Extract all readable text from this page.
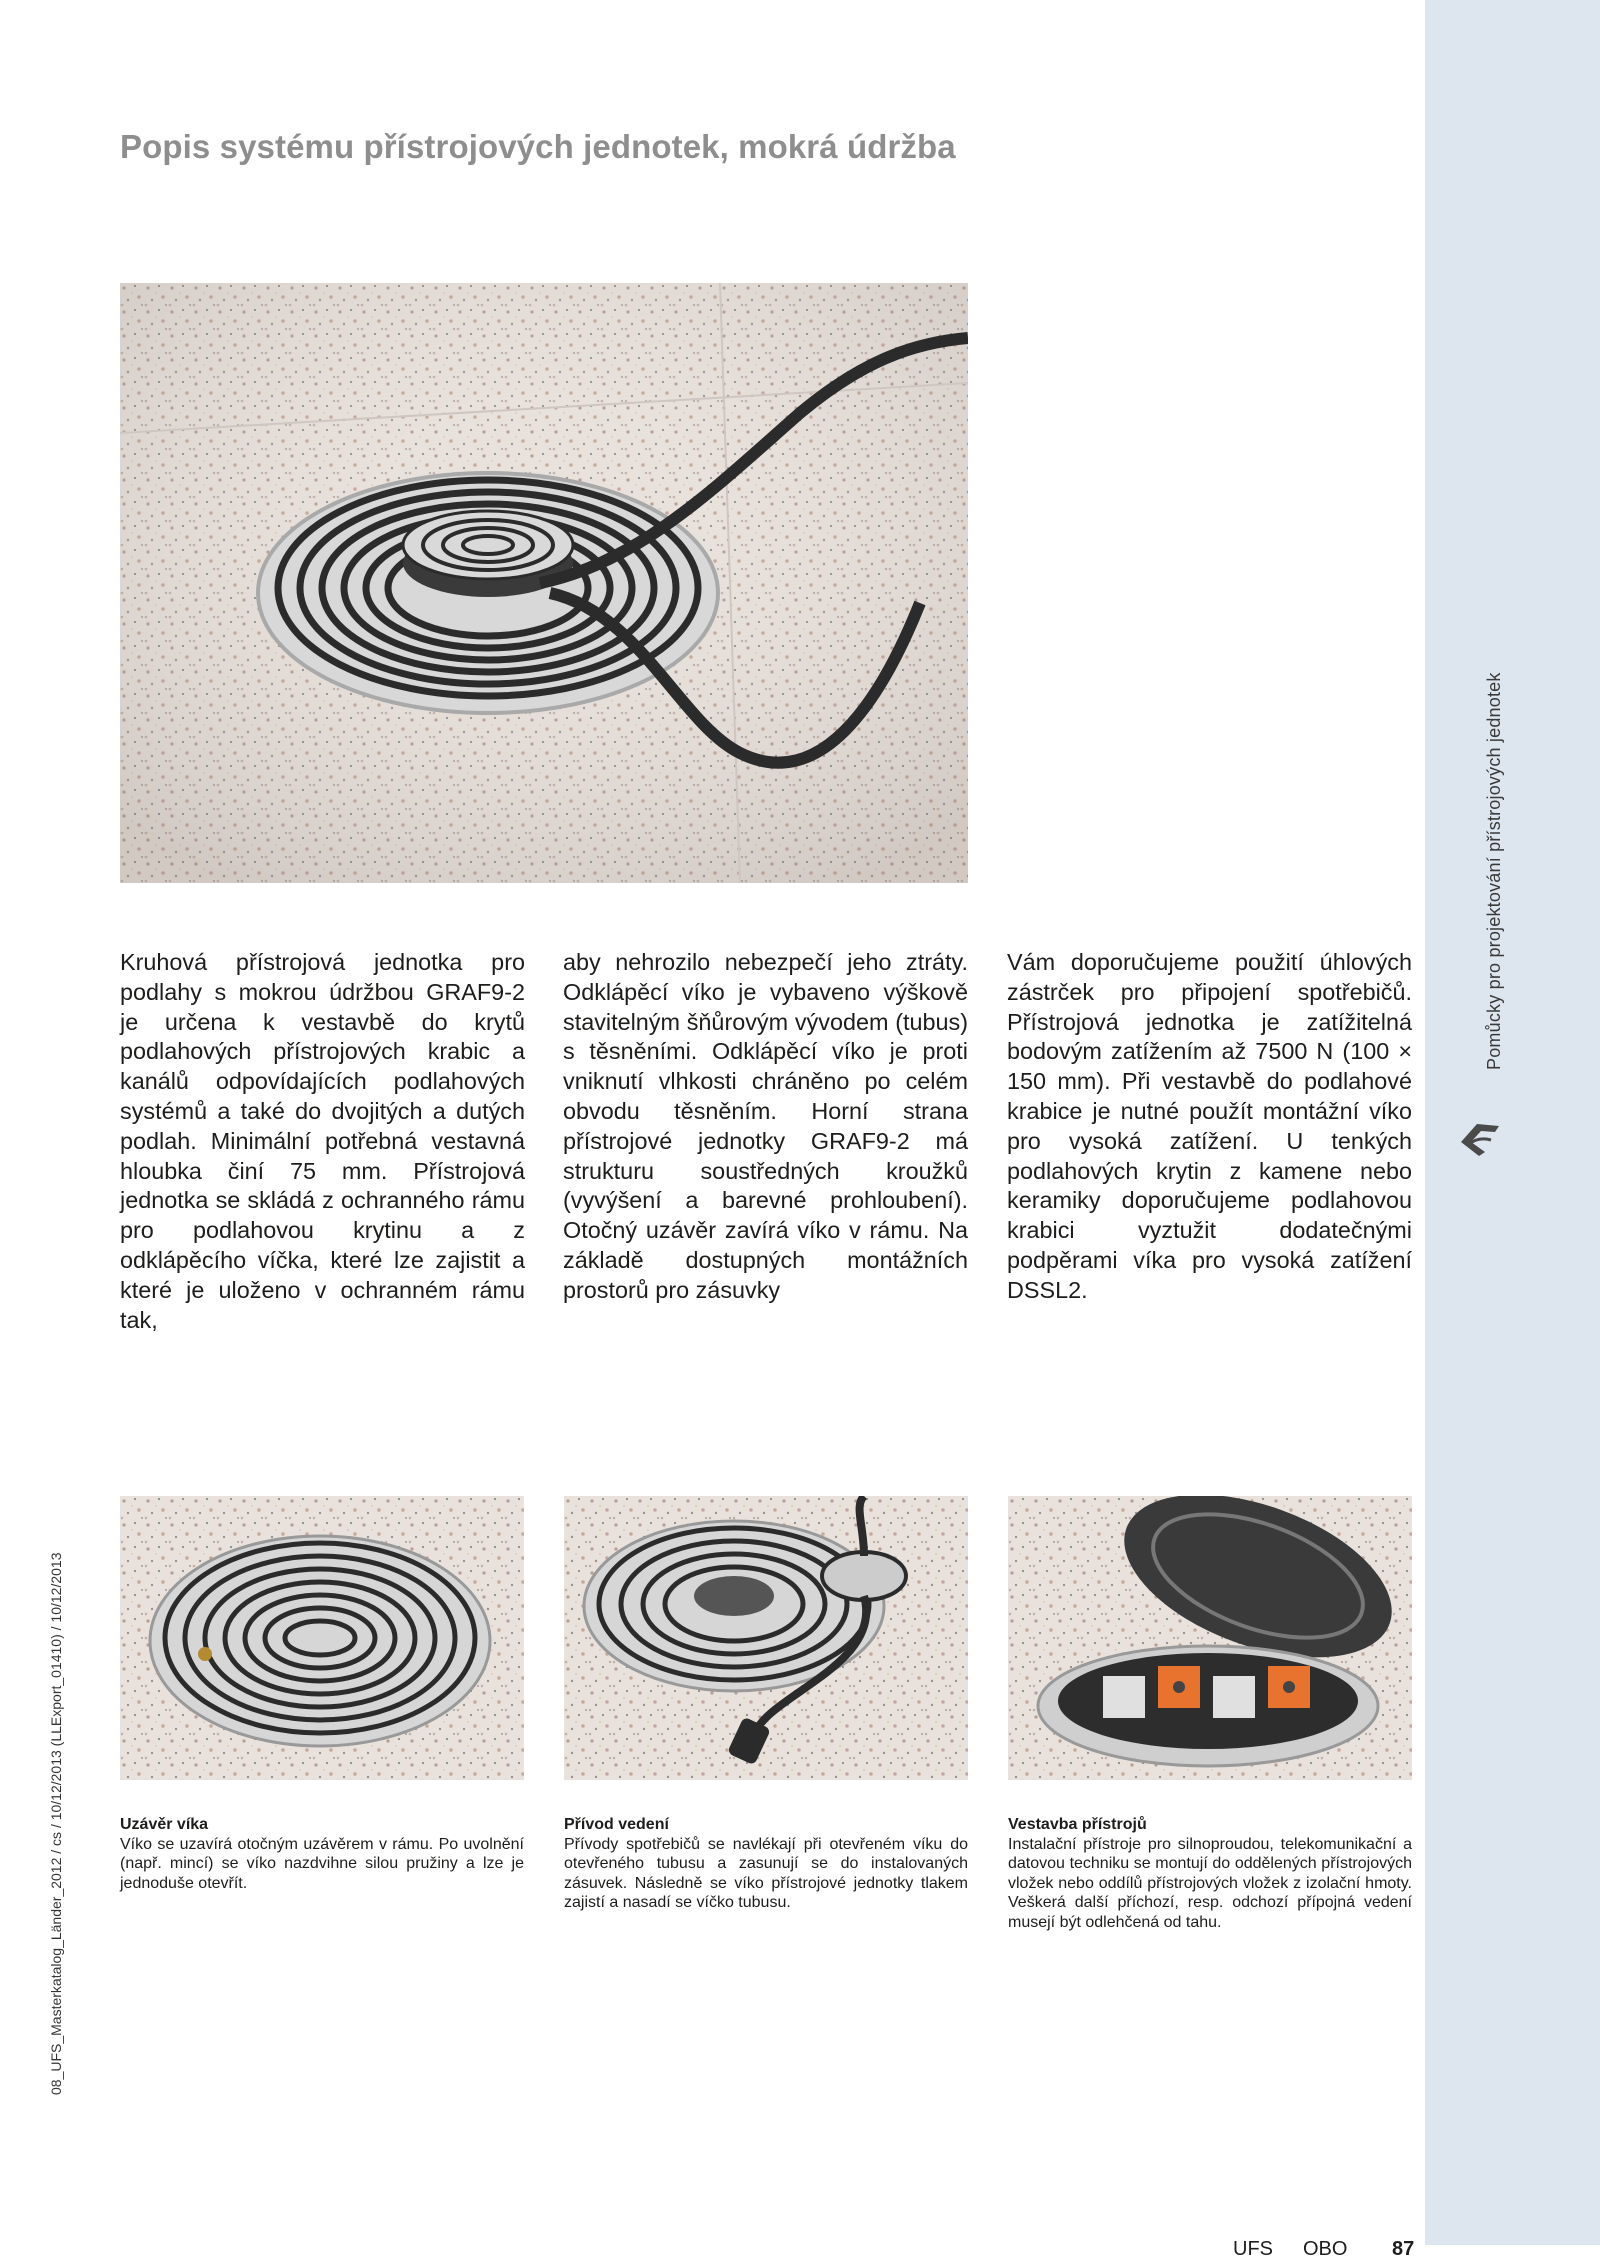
Pomůcky pro projektování přístrojových jednotek
08_UFS_Masterkatalog_Länder_2012 / cs / 10/12/2013 (LLExport_01410) / 10/12/2013
Popis systému přístrojových jednotek, mokrá údržba

Kruhová přístrojová jednotka pro podlahy s mokrou údržbou GRAF9-2 je určena k vestavbě do krytů podlahových přístrojových krabic a kanálů odpovídajících podlahových systémů a také do dvojitých a dutých podlah. Minimální potřebná vestavná hloubka činí 75 mm. Přístrojová jednotka se skládá z ochranného rámu pro podlahovou krytinu a z odklápěcího víčka, které lze zajistit a které je uloženo v ochranném rámu tak,

aby nehrozilo nebezpečí jeho ztráty. Odklápěcí víko je vybaveno výškově stavitelným šňůrovým vývodem (tubus) s těsněními. Odklápěcí víko je proti vniknutí vlhkosti chráněno po celém obvodu těsněním. Horní strana přístrojové jednotky GRAF9-2 má strukturu soustředných kroužků (vyvýšení a barevné prohloubení). Otočný uzávěr zavírá víko v rámu. Na základě dostupných montážních prostorů pro zásuvky

Vám doporučujeme použití úhlových zástrček pro připojení spotřebičů. Přístrojová jednotka je zatížitelná bodovým zatížením až 7500 N (100 × 150 mm). Při vestavbě do podlahové krabice je nutné použít montážní víko pro vysoká zatížení. U tenkých podlahových krytin z kamene nebo keramiky doporučujeme podlahovou krabici vyztužit dodatečnými podpěrami víka pro vysoká zatížení DSSL2.

Uzávěr víka
Víko se uzavírá otočným uzávěrem v rámu. Po uvolnění (např. mincí) se víko nazdvihne silou pružiny a lze je jednoduše otevřít.
Přívod vedení
Přívody spotřebičů se navlékají při otevřeném víku do otevřeného tubusu a zasunují se do instalovaných zásuvek. Následně se víko přístrojové jednotky tlakem zajistí a nasadí se víčko tubusu.
Vestavba přístrojů
Instalační přístroje pro silnoproudou, telekomunikační a datovou techniku se montují do oddělených přístrojových vložek nebo oddílů přístrojových vložek z izolační hmoty. Veškerá další příchozí, resp. odchozí přípojná vedení musejí být odlehčená od tahu.
UFS OBO 87
